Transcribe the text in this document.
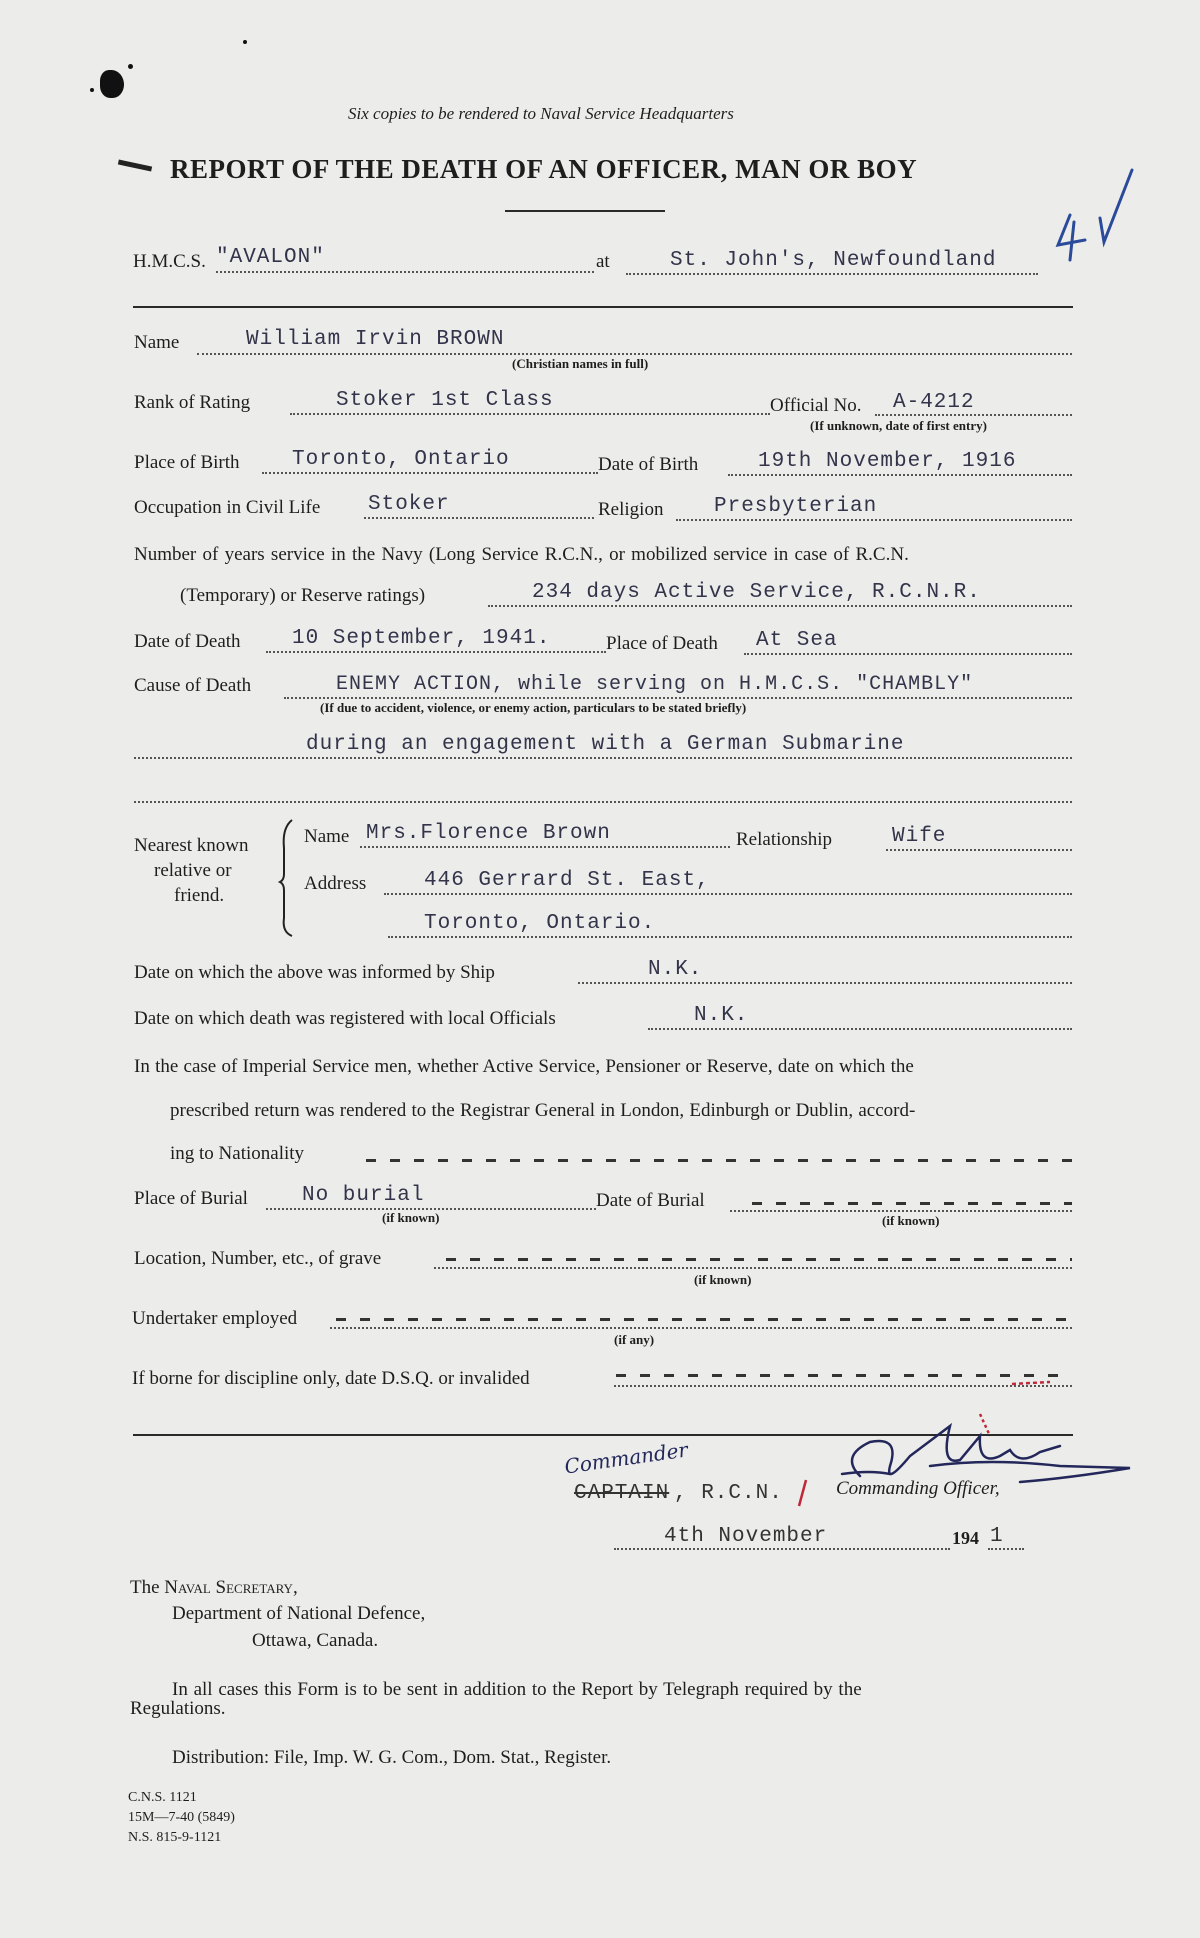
Six copies to be rendered to Naval Service Headquarters
REPORT OF THE DEATH OF AN OFFICER, MAN OR BOY
H.M.C.S. "AVALON"	at	St. John's, Newfoundland
Name	William Irvin BROWN
(Christian names in full)
Rank of Rating	Stoker 1st Class	Official No. A-4212
(If unknown, date of first entry)
Place of Birth Toronto, Ontario	Date of Birth	19th November, 1916
Occupation in Civil Life Stoker	Religion Presbyterian
Number of years service in the Navy (Long Service R.C.N., or mobilized service in case of R.C.N.
(Temporary) or Reserve ratings)	234 days Active Service, R.C.N.R.
Date of Death 10 September, 1941.	Place of Death At Sea
Cause of Death	ENEMY ACTION, while serving on H.M.C.S. "CHAMBLY"
(If due to accident, violence, or enemy action, particulars to be stated briefly)
during an engagement with a German Submarine
Nearest known
relative or
friend.
Name Mrs.Florence Brown	Relationship	Wife
Address	446 Gerrard St. East,
Toronto, Ontario.
Date on which the above was informed by Ship	N.K.
Date on which death was registered with local Officials	N.K.
In the case of Imperial Service men, whether Active Service, Pensioner or Reserve, date on which the
prescribed return was rendered to the Registrar General in London, Edinburgh or Dublin, accord-
ing to Nationality
Place of Burial	No burial
(if known)
Date of Burial
(if known)
Location, Number, etc., of grave
(if known)
Undertaker employed
(if any)
If borne for discipline only, date D.S.Q. or invalided
Commander
CAPTAIN , R.C.N.	Commanding Officer,
4th November	194 1
The Naval Secretary,
Department of National Defence,
Ottawa, Canada.
In all cases this Form is to be sent in addition to the Report by Telegraph required by the
Regulations.
Distribution: File, Imp. W. G. Com., Dom. Stat., Register.
C.N.S. 1121
15M—7-40 (5849)
N.S. 815-9-1121
